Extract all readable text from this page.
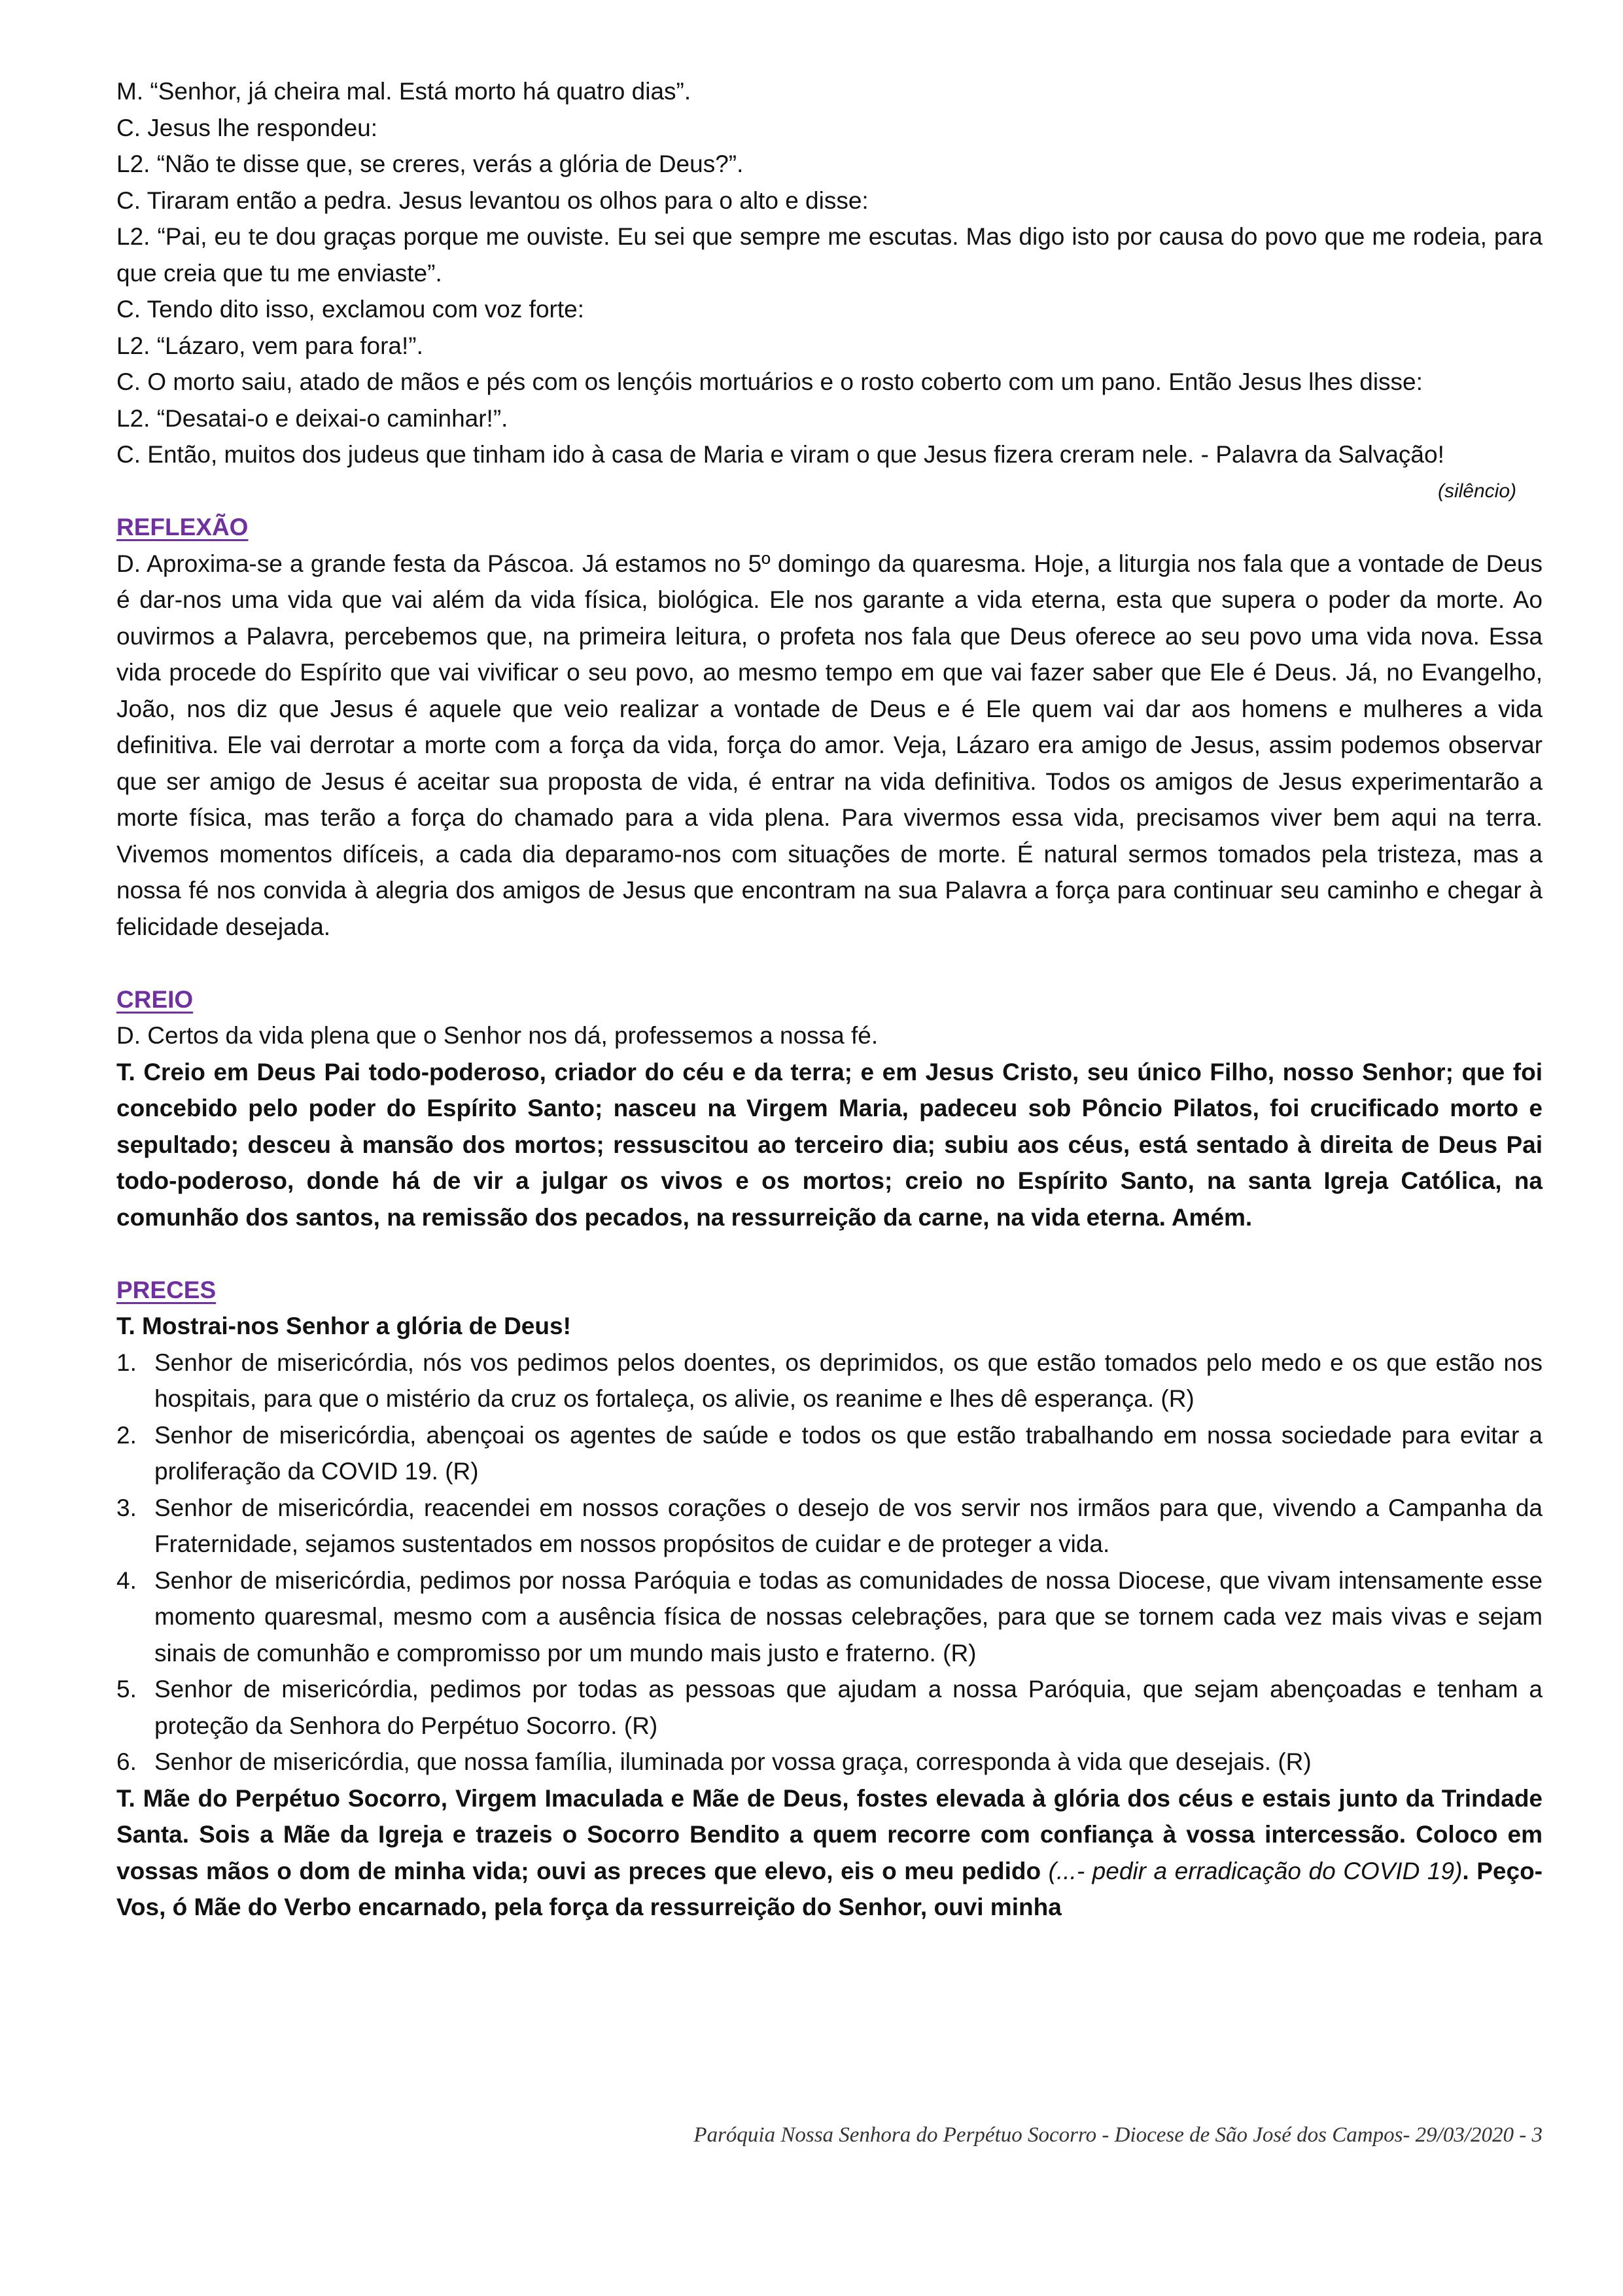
M. “Senhor, já cheira mal. Está morto há quatro dias”.

C. Jesus lhe respondeu:

L2. “Não te disse que, se creres, verás a glória de Deus?”.

C. Tiraram então a pedra. Jesus levantou os olhos para o alto e disse:

L2. “Pai, eu te dou graças porque me ouviste. Eu sei que sempre me escutas. Mas digo isto por causa do povo que me rodeia, para que creia que tu me enviaste”.

C. Tendo dito isso, exclamou com voz forte:

L2. “Lázaro, vem para fora!”.

C. O morto saiu, atado de mãos e pés com os lençóis mortuários e o rosto coberto com um pano. Então Jesus lhes disse:

L2. “Desatai-o e deixai-o caminhar!”.

C. Então, muitos dos judeus que tinham ido à casa de Maria e viram o que Jesus fizera creram nele. - Palavra da Salvação!
(silêncio)

REFLEXÃO

D. Aproxima-se a grande festa da Páscoa. Já estamos no 5º domingo da quaresma. Hoje, a liturgia nos fala que a vontade de Deus é dar-nos uma vida que vai além da vida física, biológica. Ele nos garante a vida eterna, esta que supera o poder da morte. Ao ouvirmos a Palavra, percebemos que, na primeira leitura, o profeta nos fala que Deus oferece ao seu povo uma vida nova. Essa vida procede do Espírito que vai vivificar o seu povo, ao mesmo tempo em que vai fazer saber que Ele é Deus. Já, no Evangelho, João, nos diz que Jesus é aquele que veio realizar a vontade de Deus e é Ele quem vai dar aos homens e mulheres a vida definitiva. Ele vai derrotar a morte com a força da vida, força do amor. Veja, Lázaro era amigo de Jesus, assim podemos observar que ser amigo de Jesus é aceitar sua proposta de vida, é entrar na vida definitiva. Todos os amigos de Jesus experimentarão a morte física, mas terão a força do chamado para a vida plena. Para vivermos essa vida, precisamos viver bem aqui na terra. Vivemos momentos difíceis, a cada dia deparamo-nos com situações de morte. É natural sermos tomados pela tristeza, mas a nossa fé nos convida à alegria dos amigos de Jesus que encontram na sua Palavra a força para continuar seu caminho e chegar à felicidade desejada.

CREIO

D. Certos da vida plena que o Senhor nos dá, professemos a nossa fé.

T. Creio em Deus Pai todo-poderoso, criador do céu e da terra; e em Jesus Cristo, seu único Filho, nosso Senhor; que foi concebido pelo poder do Espírito Santo; nasceu na Virgem Maria, padeceu sob Pôncio Pilatos, foi crucificado morto e sepultado; desceu à mansão dos mortos; ressuscitou ao terceiro dia; subiu aos céus, está sentado à direita de Deus Pai todo-poderoso, donde há de vir a julgar os vivos e os mortos; creio no Espírito Santo, na santa Igreja Católica, na comunhão dos santos, na remissão dos pecados, na ressurreição da carne, na vida eterna. Amém.

PRECES

T. Mostrai-nos Senhor a glória de Deus!

1. Senhor de misericórdia, nós vos pedimos pelos doentes, os deprimidos, os que estão tomados pelo medo e os que estão nos hospitais, para que o mistério da cruz os fortaleça, os alivie, os reanime e lhes dê esperança. (R)
2. Senhor de misericórdia, abençoai os agentes de saúde e todos os que estão trabalhando em nossa sociedade para evitar a proliferação da COVID 19. (R)
3. Senhor de misericórdia, reacendei em nossos corações o desejo de vos servir nos irmãos para que, vivendo a Campanha da Fraternidade, sejamos sustentados em nossos propósitos de cuidar e de proteger a vida.
4. Senhor de misericórdia, pedimos por nossa Paróquia e todas as comunidades de nossa Diocese, que vivam intensamente esse momento quaresmal, mesmo com a ausência física de nossas celebrações, para que se tornem cada vez mais vivas e sejam sinais de comunhão e compromisso por um mundo mais justo e fraterno. (R)
5. Senhor de misericórdia, pedimos por todas as pessoas que ajudam a nossa Paróquia, que sejam abençoadas e tenham a proteção da Senhora do Perpétuo Socorro. (R)
6. Senhor de misericórdia, que nossa família, iluminada por vossa graça, corresponda à vida que desejais. (R)

T. Mãe do Perpétuo Socorro, Virgem Imaculada e Mãe de Deus, fostes elevada à glória dos céus e estais junto da Trindade Santa. Sois a Mãe da Igreja e trazeis o Socorro Bendito a quem recorre com confiança à vossa intercessão. Coloco em vossas mãos o dom de minha vida; ouvi as preces que elevo, eis o meu pedido (...- pedir a erradicação do COVID 19). Peço-Vos, ó Mãe do Verbo encarnado, pela força da ressurreição do Senhor, ouvi minha

Paróquia Nossa Senhora do Perpétuo Socorro - Diocese de São José dos Campos- 29/03/2020 - 3
